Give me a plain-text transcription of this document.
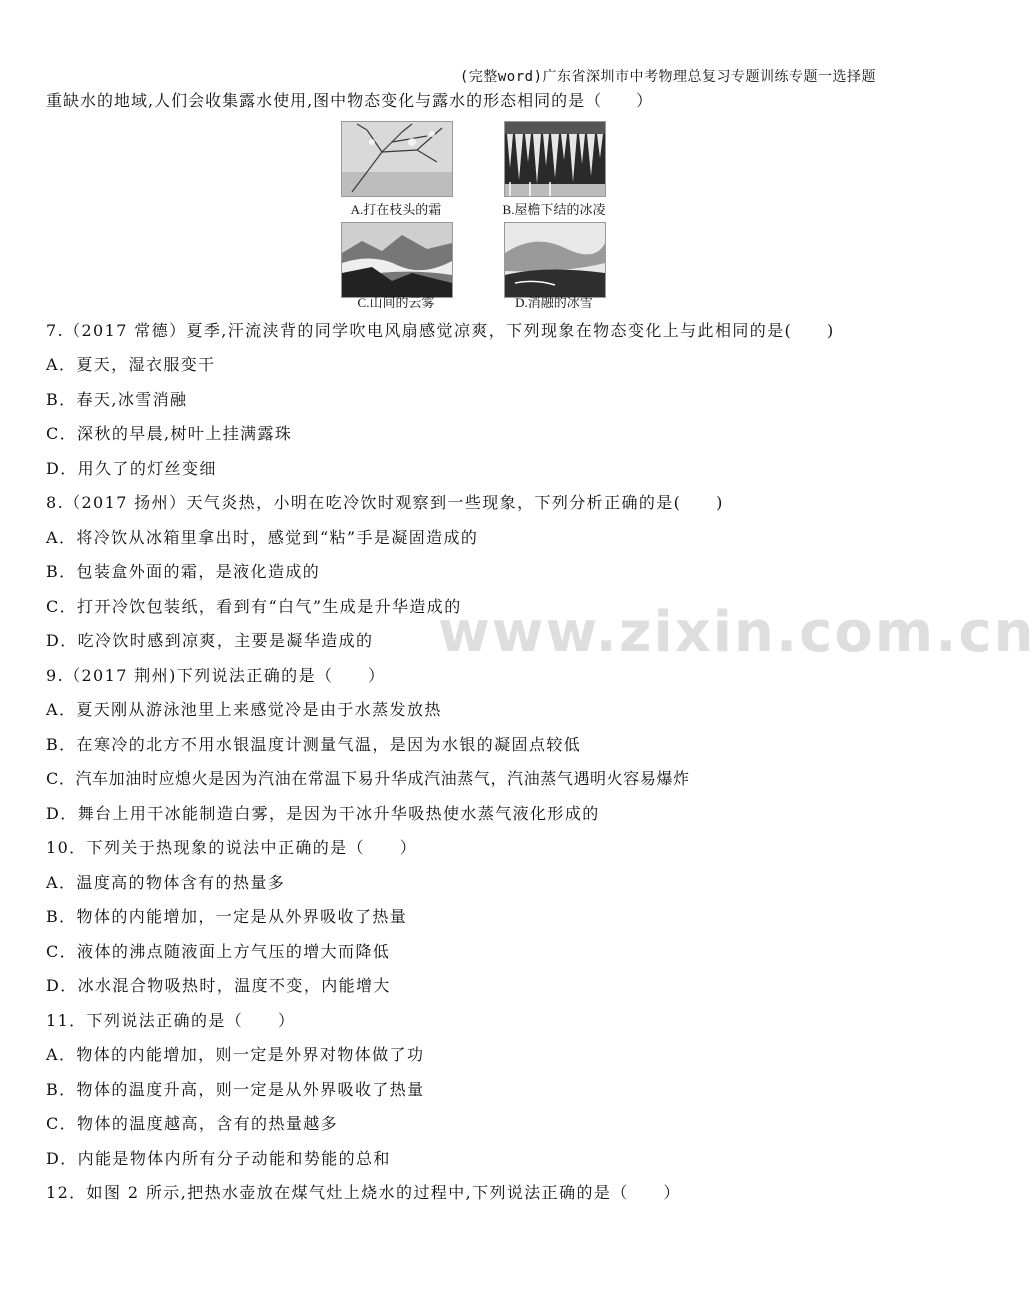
(完整word)广东省深圳市中考物理总复习专题训练专题一选择题
重缺水的地域,人们会收集露水使用,图中物态变化与露水的形态相同的是（　　）
A.打在枝头的霜	B.屋檐下结的冰凌
C.山间的云雾	D.消融的冰雪
7.（2017 常德）夏季,汗流浃背的同学吹电风扇感觉凉爽，下列现象在物态变化上与此相同的是(　　)
A．夏天，湿衣服变干
B．春天,冰雪消融
C．深秋的早晨,树叶上挂满露珠
D．用久了的灯丝变细
8.（2017 扬州）天气炎热，小明在吃冷饮时观察到一些现象，下列分析正确的是(　　)
A．将冷饮从冰箱里拿出时，感觉到“粘”手是凝固造成的
B．包装盒外面的霜，是液化造成的
C．打开冷饮包装纸，看到有“白气”生成是升华造成的
D．吃冷饮时感到凉爽，主要是凝华造成的
9.（2017 荆州)下列说法正确的是（　　）
A．夏天刚从游泳池里上来感觉冷是由于水蒸发放热
B．在寒冷的北方不用水银温度计测量气温，是因为水银的凝固点较低
C．汽车加油时应熄火是因为汽油在常温下易升华成汽油蒸气，汽油蒸气遇明火容易爆炸
D．舞台上用干冰能制造白雾，是因为干冰升华吸热使水蒸气液化形成的
10．下列关于热现象的说法中正确的是（　　）
A．温度高的物体含有的热量多
B．物体的内能增加，一定是从外界吸收了热量
C．液体的沸点随液面上方气压的增大而降低
D．冰水混合物吸热时，温度不变，内能增大
11．下列说法正确的是（　　）
A．物体的内能增加，则一定是外界对物体做了功
B．物体的温度升高，则一定是从外界吸收了热量
C．物体的温度越高，含有的热量越多
D．内能是物体内所有分子动能和势能的总和
12．如图 2 所示,把热水壶放在煤气灶上烧水的过程中,下列说法正确的是（　　）
www.zixin.com.cn
